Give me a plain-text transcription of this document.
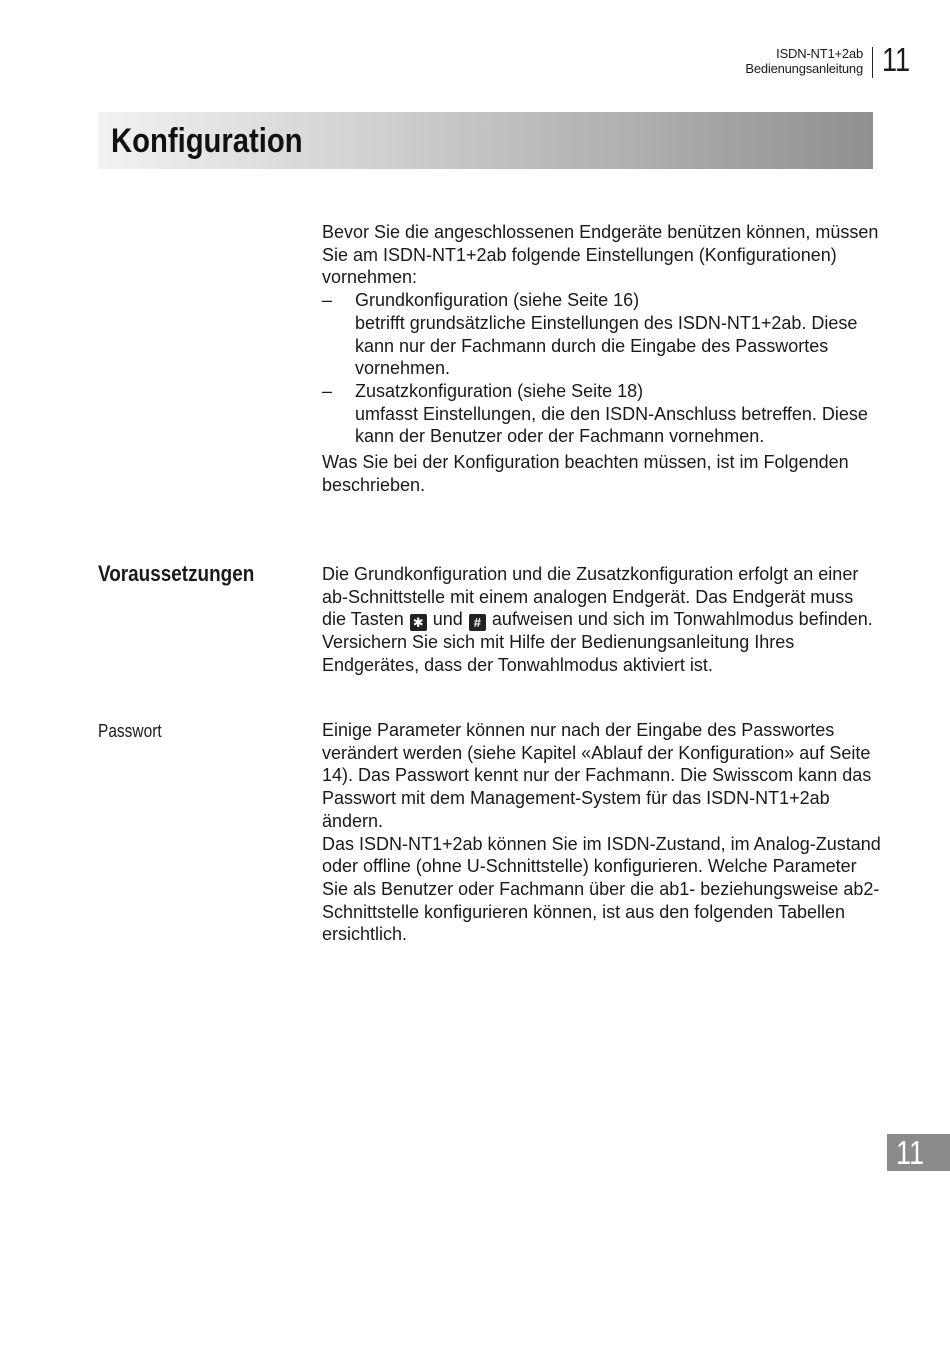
ISDN-NT1+2ab
Bedienungsanleitung 11
Konfiguration

Bevor Sie die angeschlossenen Endgeräte benützen können, müssen Sie am ISDN-NT1+2ab folgende Einstellungen (Konfigurationen) vornehmen:

–	Grundkonfiguration (siehe Seite 16)
betrifft grundsätzliche Einstellungen des ISDN-NT1+2ab. Diese kann nur der Fachmann durch die Eingabe des Passwortes vornehmen.
–	Zusatzkonfiguration (siehe Seite 18)
umfasst Einstellungen, die den ISDN-Anschluss betreffen. Diese kann der Benutzer oder der Fachmann vornehmen.

Was Sie bei der Konfiguration beachten müssen, ist im Folgenden beschrieben.

Voraussetzungen	Die Grundkonfiguration und die Zusatzkonfiguration erfolgt an einer ab-Schnittstelle mit einem analogen Endgerät. Das Endgerät muss die Tasten ✱ und # aufweisen und sich im Tonwahlmodus befinden. Versichern Sie sich mit Hilfe der Bedienungsanleitung Ihres Endgerätes, dass der Tonwahlmodus aktiviert ist.

Passwort	Einige Parameter können nur nach der Eingabe des Passwortes verändert werden (siehe Kapitel «Ablauf der Konfiguration» auf Seite 14). Das Passwort kennt nur der Fachmann. Die Swisscom kann das Passwort mit dem Management-System für das ISDN-NT1+2ab ändern.

Das ISDN-NT1+2ab können Sie im ISDN-Zustand, im Analog-Zustand oder offline (ohne U-Schnittstelle) konfigurieren. Welche Parameter Sie als Benutzer oder Fachmann über die ab1- beziehungsweise ab2-Schnittstelle konfigurieren können, ist aus den folgenden Tabellen ersichtlich.

11
